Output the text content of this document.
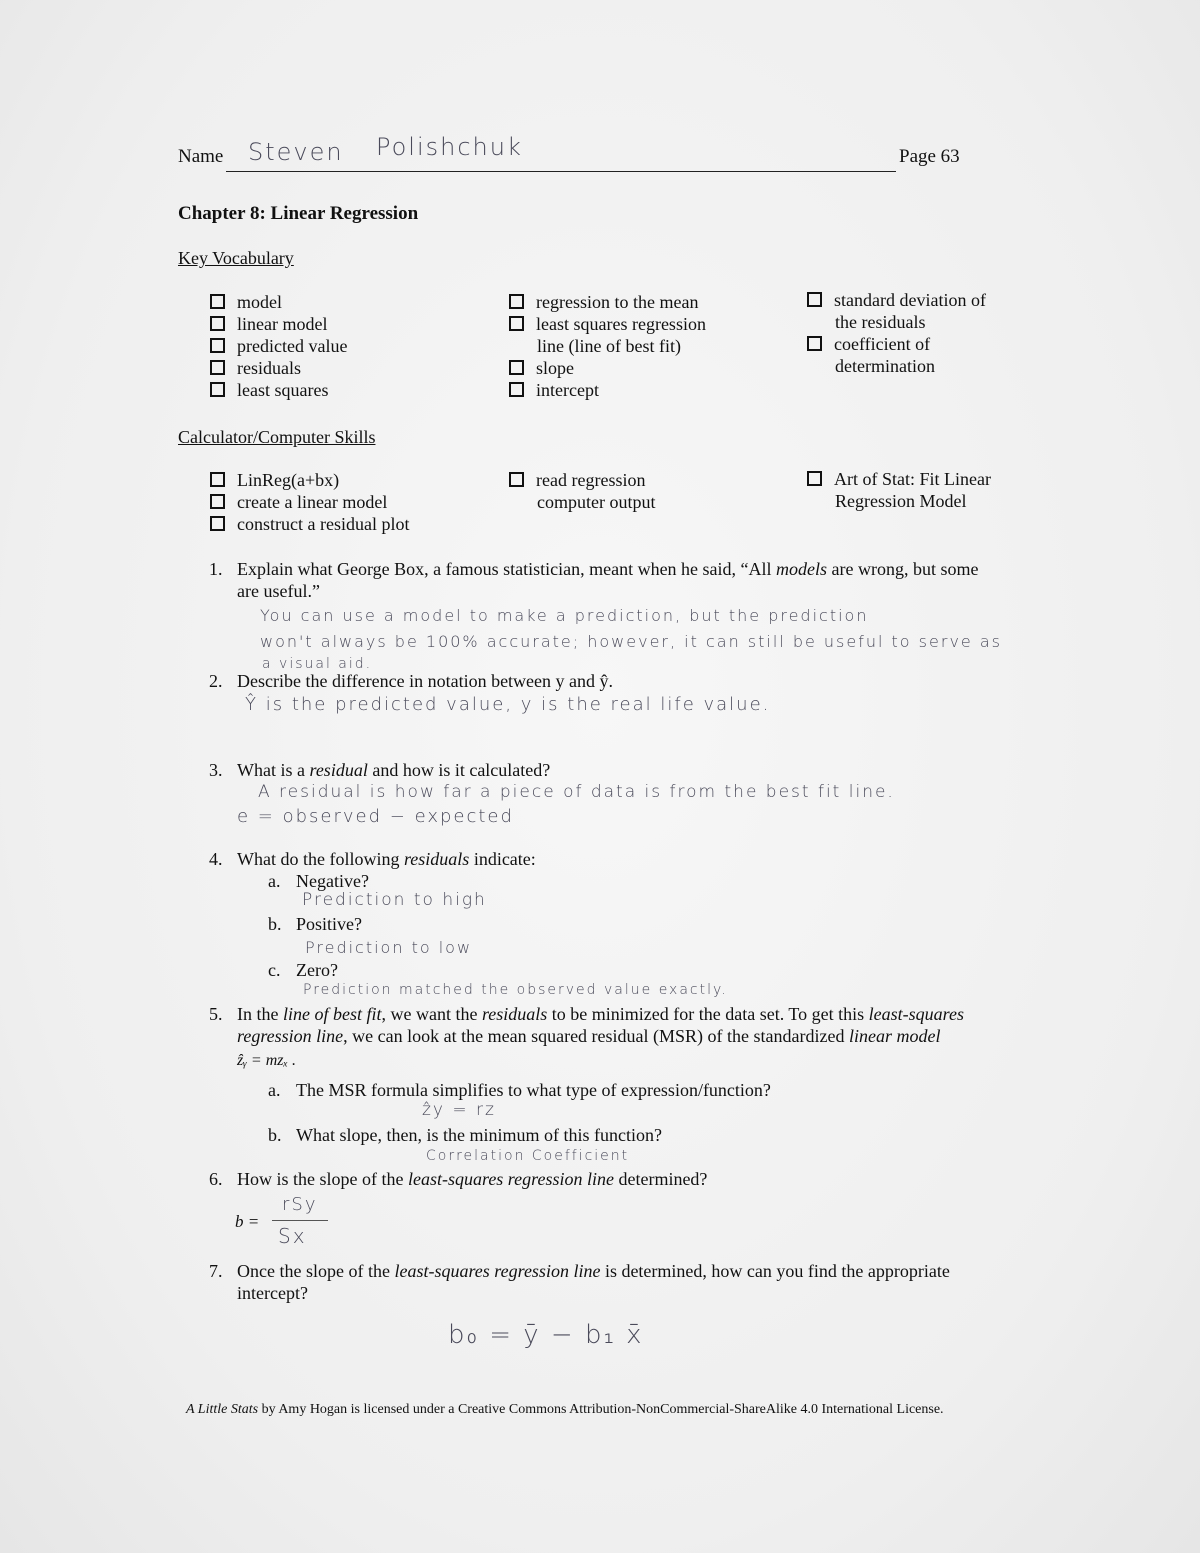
Name Steven Polishchuk	Page 63
Chapter 8: Linear Regression
Key Vocabulary
model
linear model
predicted value
residuals
least squares
regression to the mean
least squares regression
line (line of best fit)
slope
intercept
standard deviation of
the residuals
coefficient of
determination
Calculator/Computer Skills
LinReg(a+bx)
create a linear model
construct a residual plot
read regression
computer output
Art of Stat: Fit Linear
Regression Model
1. Explain what George Box, a famous statistician, meant when he said, “All models are wrong, but some
are useful.”
You can use a model to make a prediction, but the prediction
won't always be 100% accurate; however, it can still be useful to serve as
a visual aid.
2. Describe the difference in notation between y and ŷ.
Ŷ is the predicted value, y is the real life value.
3. What is a residual and how is it calculated?
A residual is how far a piece of data is from the best fit line.
e = observed − expected
4. What do the following residuals indicate:
a. Negative?
Prediction to high
b. Positive?
Prediction to low
c. Zero?
Prediction matched the observed value exactly.
5. In the line of best fit, we want the residuals to be minimized for the data set. To get this least-squares
regression line, we can look at the mean squared residual (MSR) of the standardized linear model
ẑᵧ = mzₓ .
a. The MSR formula simplifies to what type of expression/function?
ẑy = rz
b. What slope, then, is the minimum of this function?
Correlation Coefficient
6. How is the slope of the least-squares regression line determined?
b =
rSy
Sx
7. Once the slope of the least-squares regression line is determined, how can you find the appropriate
intercept?
b₀ = ȳ − b₁ x̄
A Little Stats by Amy Hogan is licensed under a Creative Commons Attribution-NonCommercial-ShareAlike 4.0 International License.
